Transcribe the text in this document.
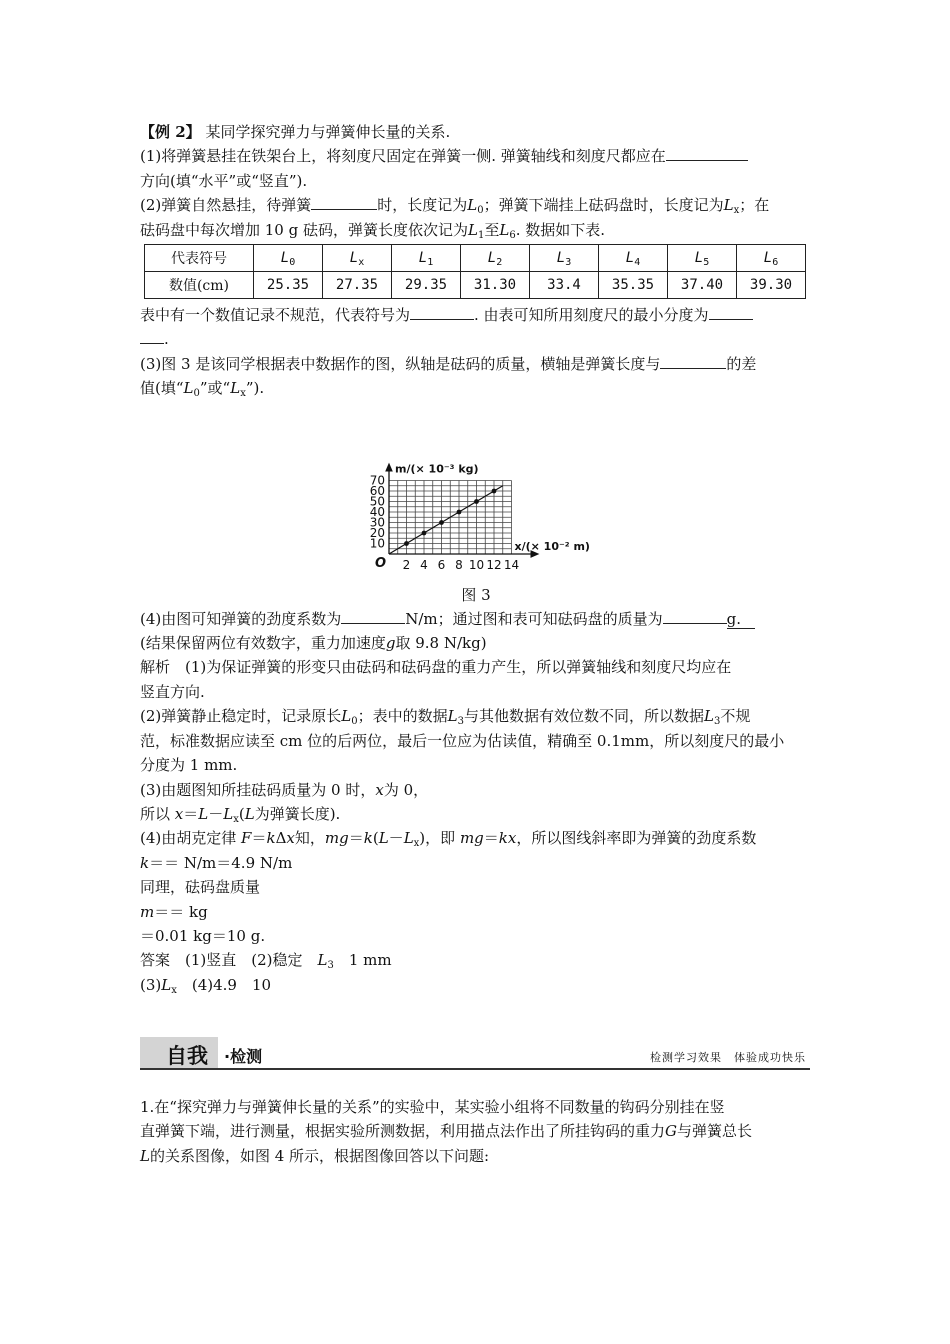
【例 2】 某同学探究弹力与弹簧伸长量的关系.

(1)将弹簧悬挂在铁架台上，将刻度尺固定在弹簧一侧. 弹簧轴线和刻度尺都应在

方向(填“水平”或“竖直”).

(2)弹簧自然悬挂，待弹簧	时，长度记为$L_0$；弹簧下端挂上砝码盘时，长度记为$L_x$；在

砝码盘中每次增加 10 g 砝码，弹簧长度依次记为$L_1$至$L_6$. 数据如下表.

代表符号	$L_0$	$L_x$	$L_1$	$L_2$	$L_3$	$L_4$	$L_5$	$L_6$
数值(cm)	25.35	27.35	29.35	31.30	33.4	35.35	37.40	39.30

表中有一个数值记录不规范，代表符号为	. 由表可知所用刻度尺的最小分度为

.

(3)图 3 是该同学根据表中数据作的图，纵轴是砝码的质量，横轴是弹簧长度与	的差

值(填“$L_0$”或“$L_x$”).

2 4 6 8 10 12 14
10
20
30
40
50
60
70
O
m/(× 10⁻³ kg)
x/(× 10⁻² m)

图 3

(4)由图可知弹簧的劲度系数为	N/m；通过图和表可知砝码盘的质量为	g.

(结果保留两位有效数字，重力加速度g取 9.8 N/kg)

解析　(1)为保证弹簧的形变只由砝码和砝码盘的重力产生，所以弹簧轴线和刻度尺均应在

竖直方向.

(2)弹簧静止稳定时，记录原长$L_0$；表中的数据$L_3$与其他数据有效位数不同，所以数据$L_3$不规

范，标准数据应读至 cm 位的后两位，最后一位应为估读值，精确至 0.1mm，所以刻度尺的最小

分度为 1 mm.

(3)由题图知所挂砝码质量为 0 时，x为 0，

所以 $x=L-L_x(L$为弹簧长度).

(4)由胡克定律 F＝kΔx知，$mg=k(L-L_x)$，即 mg＝kx，所以图线斜率即为弹簧的劲度系数

k＝＝ N/m＝4.9 N/m

同理，砝码盘质量

m＝＝ kg

＝0.01 kg＝10 g.

答案　(1)竖直　(2)稳定　$L_3$　1 mm

$(3)L_x$　(4)4.9　10

自我 ·检测	检测学习效果　体验成功快乐

1.在“探究弹力与弹簧伸长量的关系”的实验中，某实验小组将不同数量的钩码分别挂在竖

直弹簧下端，进行测量，根据实验所测数据，利用描点法作出了所挂钩码的重力G与弹簧总长

L的关系图像，如图 4 所示，根据图像回答以下问题:
